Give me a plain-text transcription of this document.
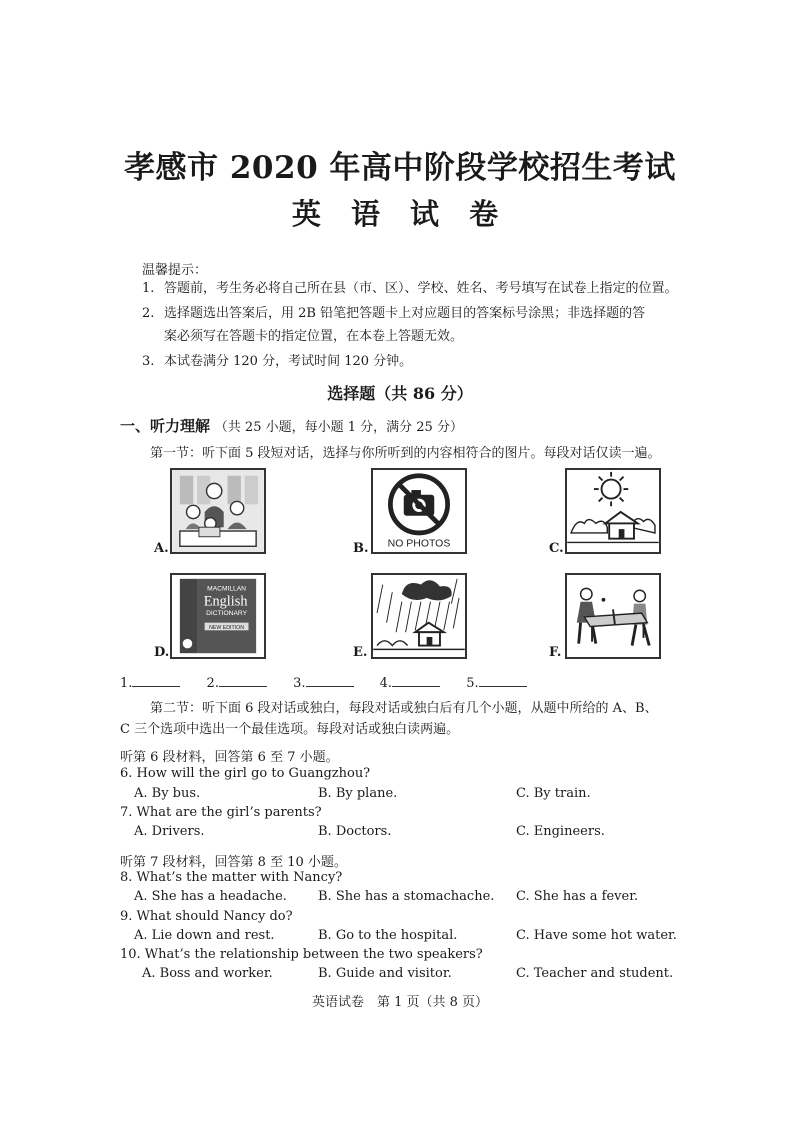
孝感市 2020 年高中阶段学校招生考试
英 语 试 卷
温馨提示：
1. 答题前，考生务必将自己所在县（市、区）、学校、姓名、考号填写在试卷上指定的位置。
2. 选择题选出答案后，用 2B 铅笔把答题卡上对应题目的答案标号涂黑；非选择题的答
案必须写在答题卡的指定位置，在本卷上答题无效。
3. 本试卷满分 120 分，考试时间 120 分钟。
选择题（共 86 分）
一、听力理解 （共 25 小题，每小题 1 分，满分 25 分）
第一节：听下面 5 段短对话，选择与你所听到的内容相符合的图片。每段对话仅读一遍。
A.	NO PHOTOS
B.	C.
MACMILLAN
English
DICTIONARY
NEW EDITION
D.	E.	F.
1.	2.	3.	4.	5.
第二节：听下面 6 段对话或独白，每段对话或独白后有几个小题，从题中所给的 A、B、
C 三个选项中选出一个最佳选项。每段对话或独白读两遍。
听第 6 段材料，回答第 6 至 7 小题。
6. How will the girl go to Guangzhou?
A. By bus.	B. By plane.	C. By train.
7. What are the girl’s parents?
A. Drivers.	B. Doctors.	C. Engineers.
听第 7 段材料，回答第 8 至 10 小题。
8. What’s the matter with Nancy?
A. She has a headache. B. She has a stomachache. C. She has a fever.
9. What should Nancy do?
A. Lie down and rest.	B. Go to the hospital.	C. Have some hot water.
10. What’s the relationship between the two speakers?
A. Boss and worker.	B. Guide and visitor.	C. Teacher and student.
英语试卷　第 1 页（共 8 页）
